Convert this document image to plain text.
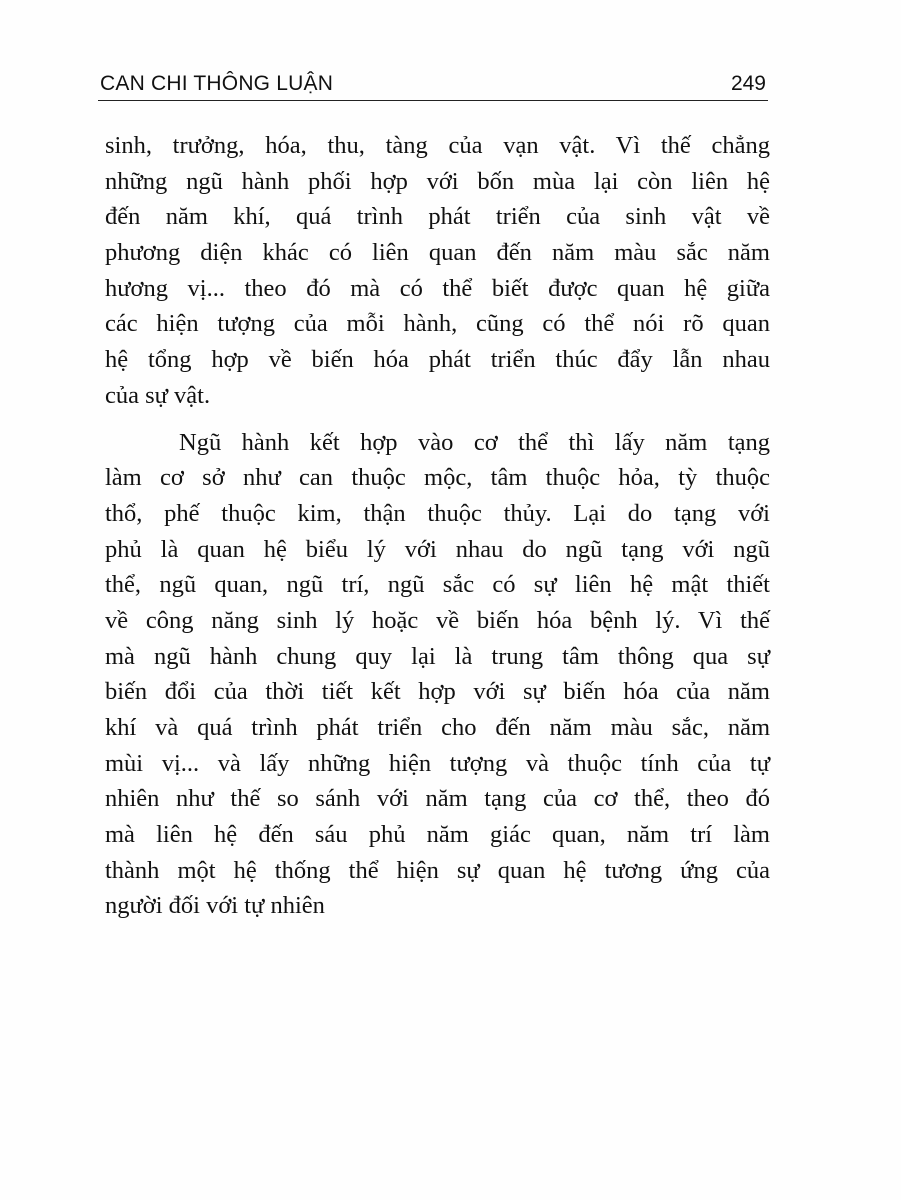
CAN CHI THÔNG LUẬN	249

sinh, trưởng, hóa, thu, tàng của vạn vật. Vì thế chẳng
những ngũ hành phối hợp với bốn mùa lại còn liên hệ
đến năm khí, quá trình phát triển của sinh vật về
phương diện khác có liên quan đến năm màu sắc năm
hương vị... theo đó mà có thể biết được quan hệ giữa
các hiện tượng của mỗi hành, cũng có thể nói rõ quan
hệ tổng hợp về biến hóa phát triển thúc đẩy lẫn nhau
của sự vật.

Ngũ hành kết hợp vào cơ thể thì lấy năm tạng
làm cơ sở như can thuộc mộc, tâm thuộc hỏa, tỳ thuộc
thổ, phế thuộc kim, thận thuộc thủy. Lại do tạng với
phủ là quan hệ biểu lý với nhau do ngũ tạng với ngũ
thể, ngũ quan, ngũ trí, ngũ sắc có sự liên hệ mật thiết
về công năng sinh lý hoặc về biến hóa bệnh lý. Vì thế
mà ngũ hành chung quy lại là trung tâm thông qua sự
biến đổi của thời tiết kết hợp với sự biến hóa của năm
khí và quá trình phát triển cho đến năm màu sắc, năm
mùi vị... và lấy những hiện tượng và thuộc tính của tự
nhiên như thế so sánh với năm tạng của cơ thể, theo đó
mà liên hệ đến sáu phủ năm giác quan, năm trí làm
thành một hệ thống thể hiện sự quan hệ tương ứng của
người đối với tự nhiên
